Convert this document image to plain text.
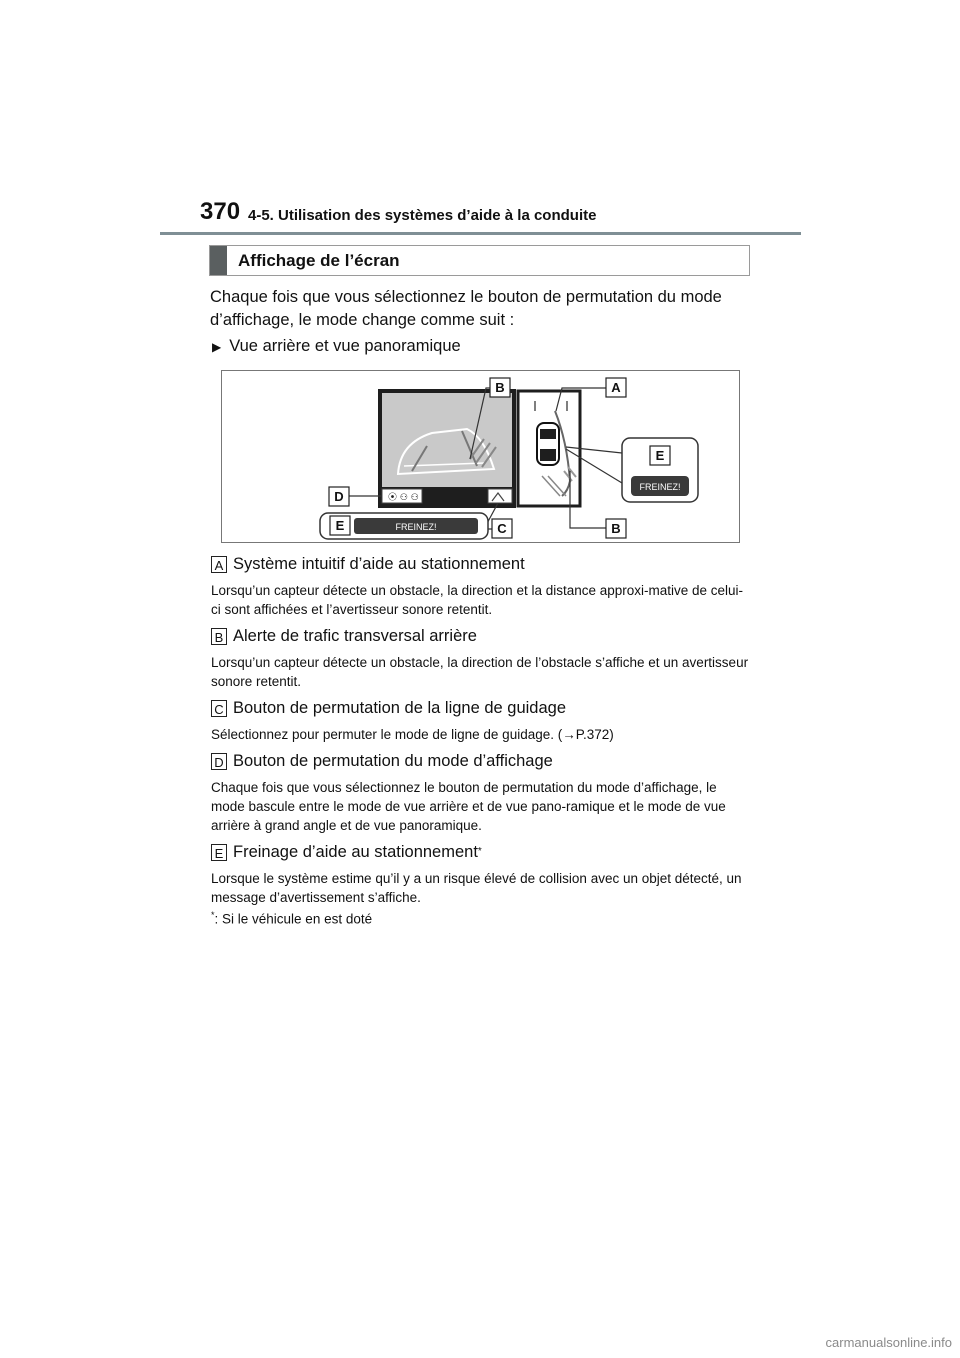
370 4-5. Utilisation des systèmes d’aide à la conduite
Affichage de l’écran
Chaque fois que vous sélectionnez le bouton de permutation du mode d’affichage, le mode change comme suit :
▶ Vue arrière et vue panoramique
⦿ ⚇ ⚇
FREINEZ!
FREINEZ!
B	A
E
D
E	C	B
A Système intuitif d’aide au stationnement
Lorsqu’un capteur détecte un obstacle, la direction et la distance approxi-mative de celui-ci sont affichées et l’avertisseur sonore retentit.
B Alerte de trafic transversal arrière
Lorsqu’un capteur détecte un obstacle, la direction de l’obstacle s’affiche et un avertisseur sonore retentit.
C Bouton de permutation de la ligne de guidage
Sélectionnez pour permuter le mode de ligne de guidage. (→P.372)
D Bouton de permutation du mode d’affichage
Chaque fois que vous sélectionnez le bouton de permutation du mode d’affichage, le mode bascule entre le mode de vue arrière et de vue pano-ramique et le mode de vue arrière à grand angle et de vue panoramique.
E Freinage d’aide au stationnement *
Lorsque le système estime qu’il y a un risque élevé de collision avec un objet détecté, un message d’avertissement s’affiche.
*: Si le véhicule en est doté
carmanualsonline.info
